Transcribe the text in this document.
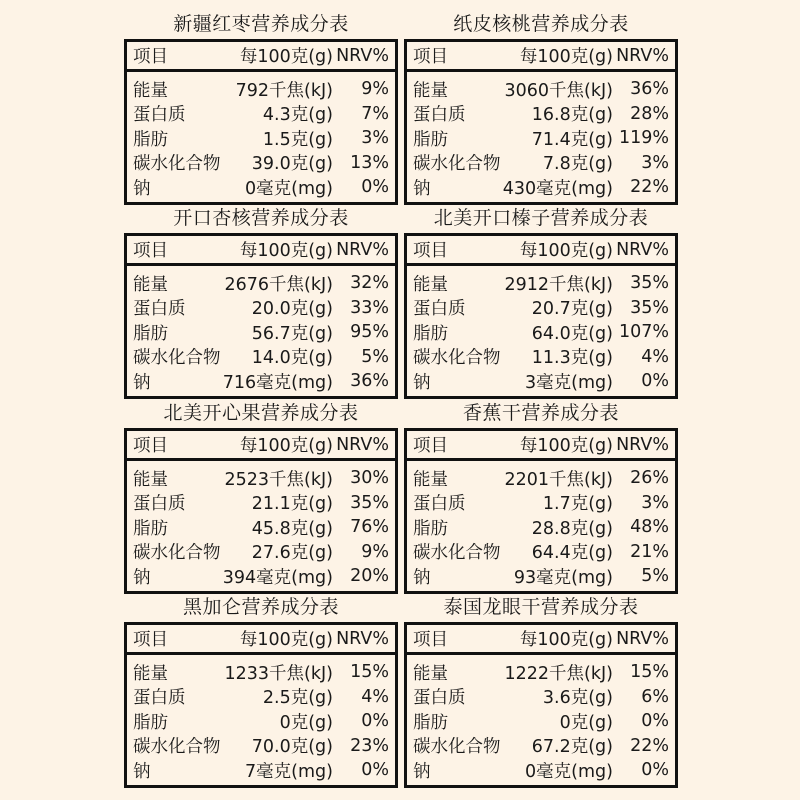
新疆红枣营养成分表
项目	每100克(g) NRV%
能量	792千焦(kJ)	9%
蛋白质	4.3克(g)	7%
脂肪	1.5克(g)	3%
碳水化合物	39.0克(g) 13%
钠	0毫克(mg)	0%
纸皮核桃营养成分表
项目	每100克(g) NRV%
能量	3060千焦(kJ) 36%
蛋白质	16.8克(g) 28%
脂肪	71.4克(g) 119%
碳水化合物	7.8克(g)	3%
钠	430毫克(mg) 22%
开口杏核营养成分表
项目	每100克(g) NRV%
能量	2676千焦(kJ) 32%
蛋白质	20.0克(g) 33%
脂肪	56.7克(g) 95%
碳水化合物	14.0克(g)	5%
钠	716毫克(mg) 36%
北美开口榛子营养成分表
项目	每100克(g) NRV%
能量	2912千焦(kJ) 35%
蛋白质	20.7克(g) 35%
脂肪	64.0克(g) 107%
碳水化合物	11.3克(g)	4%
钠	3毫克(mg)	0%
北美开心果营养成分表
项目	每100克(g) NRV%
能量	2523千焦(kJ) 30%
蛋白质	21.1克(g) 35%
脂肪	45.8克(g) 76%
碳水化合物	27.6克(g)	9%
钠	394毫克(mg) 20%
香蕉干营养成分表
项目	每100克(g) NRV%
能量	2201千焦(kJ) 26%
蛋白质	1.7克(g)	3%
脂肪	28.8克(g) 48%
碳水化合物	64.4克(g) 21%
钠	93毫克(mg)	5%
黑加仑营养成分表
项目	每100克(g) NRV%
能量	1233千焦(kJ) 15%
蛋白质	2.5克(g)	4%
脂肪	0克(g)	0%
碳水化合物	70.0克(g) 23%
钠	7毫克(mg)	0%
泰国龙眼干营养成分表
项目	每100克(g) NRV%
能量	1222千焦(kJ) 15%
蛋白质	3.6克(g)	6%
脂肪	0克(g)	0%
碳水化合物	67.2克(g) 22%
钠	0毫克(mg)	0%
